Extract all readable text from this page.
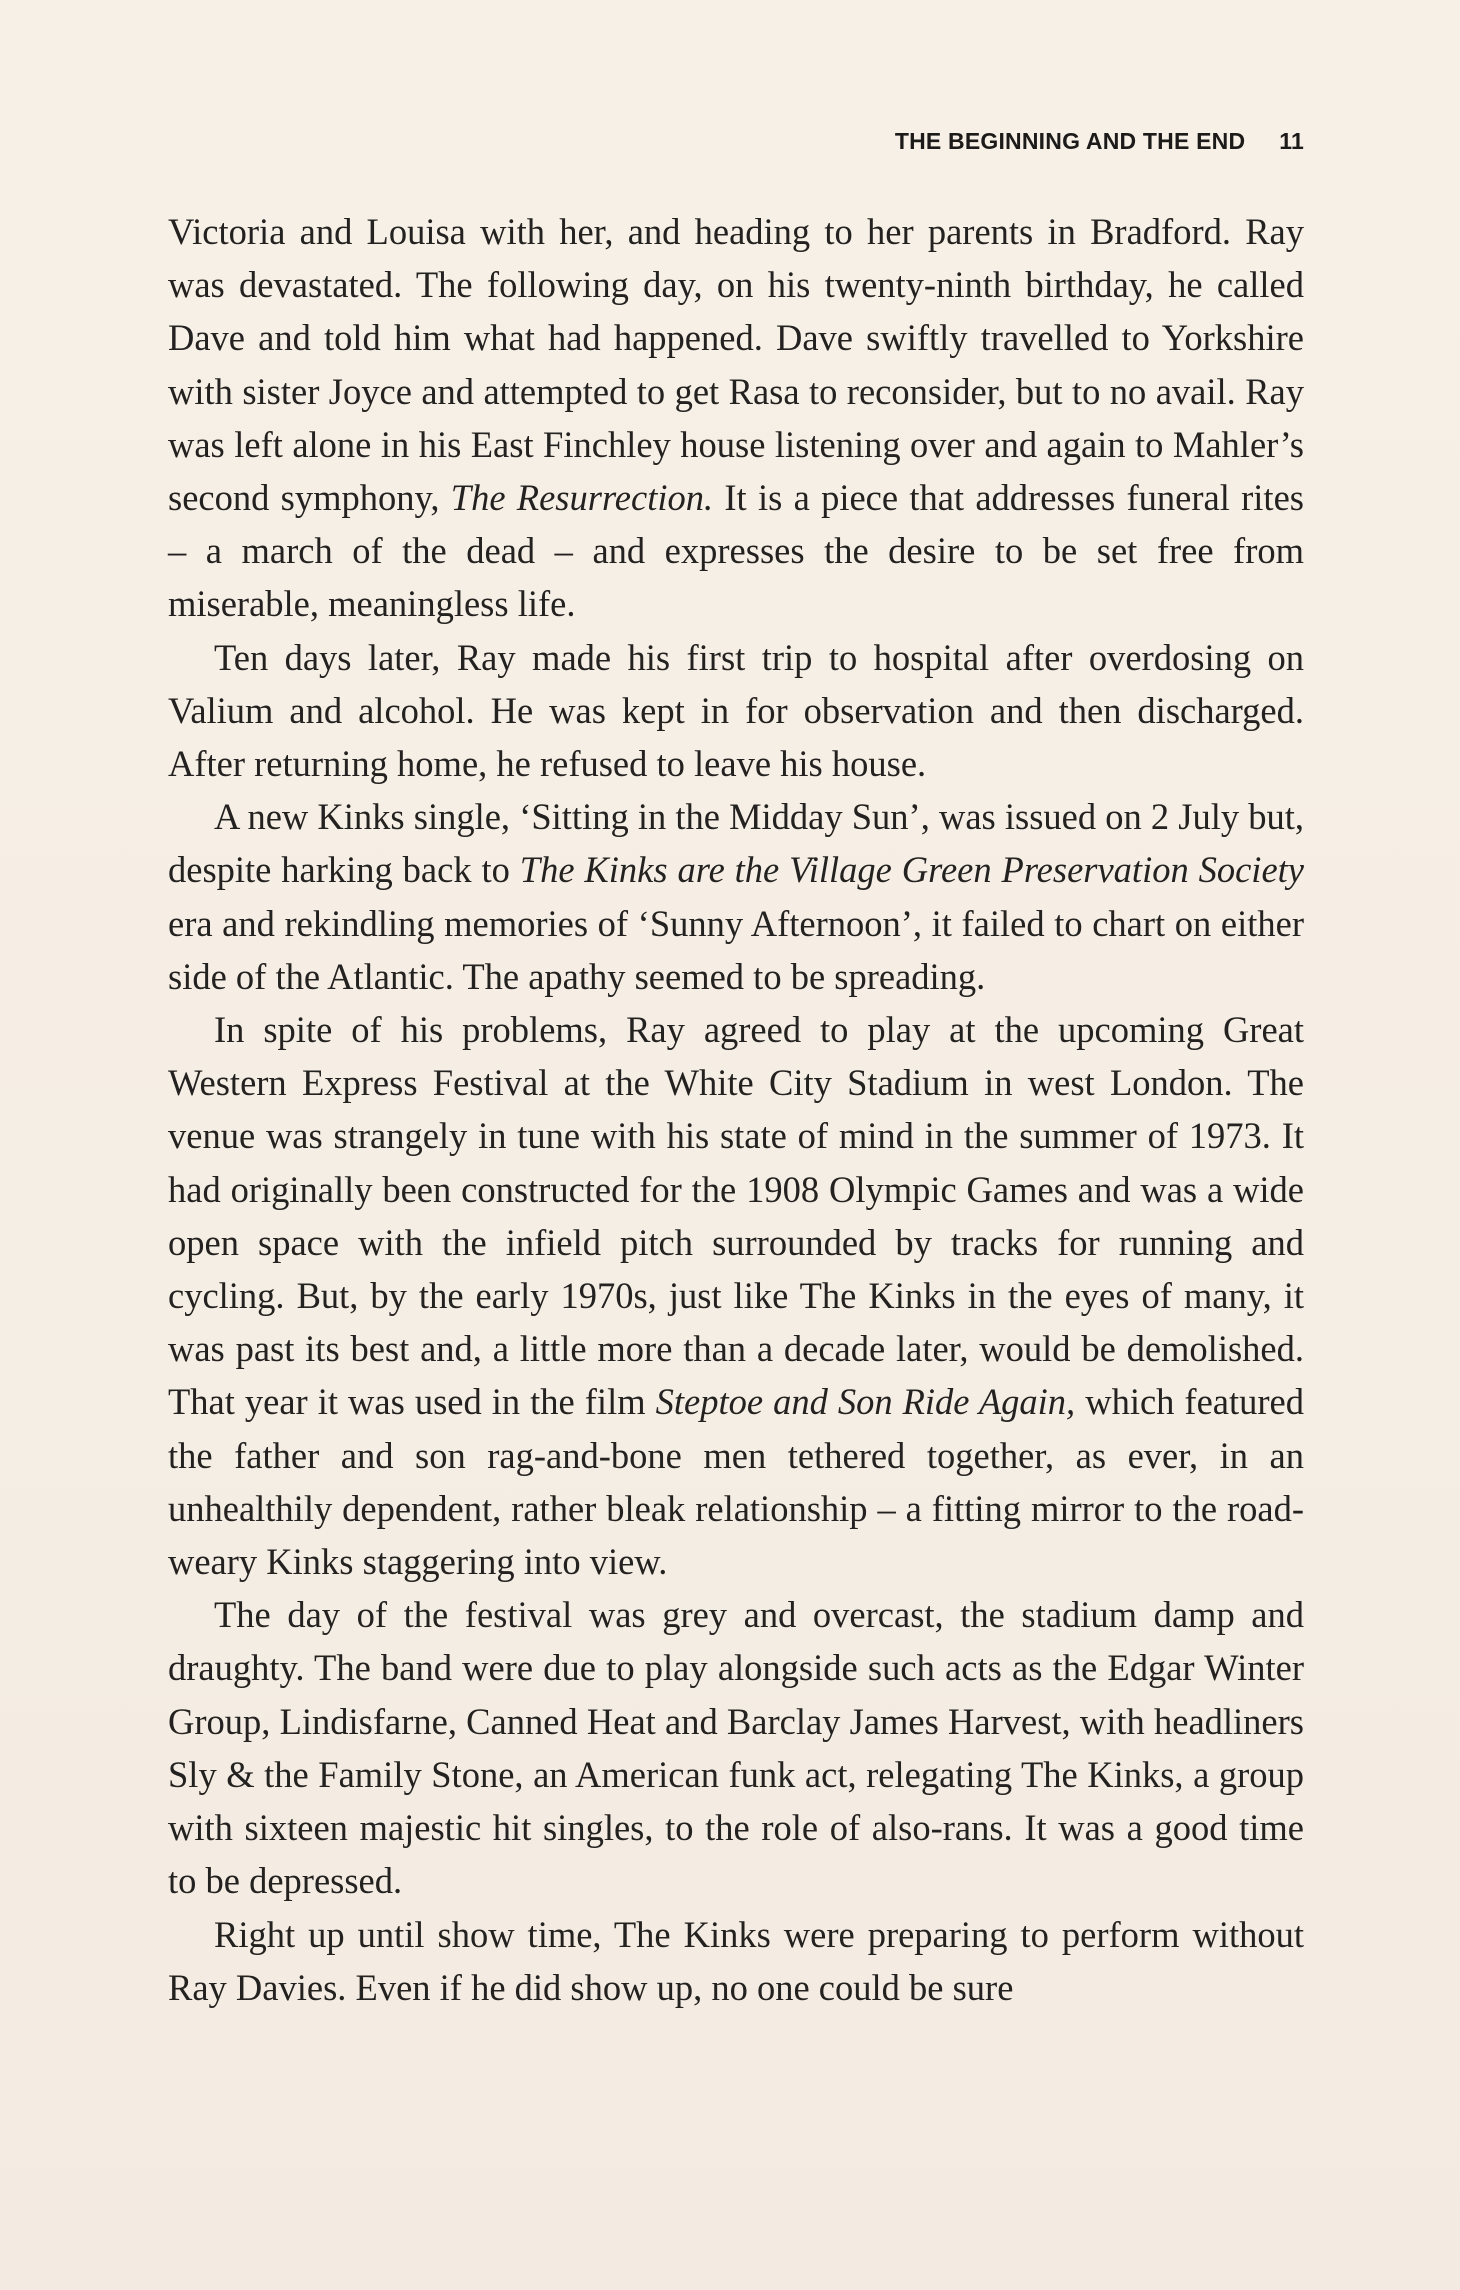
THE BEGINNING AND THE END 11

Victoria and Louisa with her, and heading to her parents in Bradford. Ray was devastated. The following day, on his twenty-ninth birthday, he called Dave and told him what had happened. Dave swiftly travelled to Yorkshire with sister Joyce and attempted to get Rasa to reconsider, but to no avail. Ray was left alone in his East Finchley house listening over and again to Mahler’s second symphony, The Resurrection. It is a piece that addresses funeral rites – a march of the dead – and expresses the desire to be set free from miserable, meaningless life.

Ten days later, Ray made his first trip to hospital after overdosing on Valium and alcohol. He was kept in for observation and then discharged. After returning home, he refused to leave his house.

A new Kinks single, ‘Sitting in the Midday Sun’, was issued on 2 July but, despite harking back to The Kinks are the Village Green Preservation Society era and rekindling memories of ‘Sunny Afternoon’, it failed to chart on either side of the Atlantic. The apathy seemed to be spreading.

In spite of his problems, Ray agreed to play at the upcoming Great Western Express Festival at the White City Stadium in west London. The venue was strangely in tune with his state of mind in the summer of 1973. It had originally been constructed for the 1908 Olympic Games and was a wide open space with the infield pitch surrounded by tracks for running and cycling. But, by the early 1970s, just like The Kinks in the eyes of many, it was past its best and, a little more than a decade later, would be demolished. That year it was used in the film Steptoe and Son Ride Again, which featured the father and son rag-and-bone men tethered together, as ever, in an unhealthily dependent, rather bleak relationship – a fitting mirror to the road-weary Kinks staggering into view.

The day of the festival was grey and overcast, the stadium damp and draughty. The band were due to play alongside such acts as the Edgar Winter Group, Lindisfarne, Canned Heat and Barclay James Harvest, with headliners Sly & the Family Stone, an American funk act, relegating The Kinks, a group with sixteen majestic hit singles, to the role of also-rans. It was a good time to be depressed.

Right up until show time, The Kinks were preparing to perform without Ray Davies. Even if he did show up, no one could be sure
